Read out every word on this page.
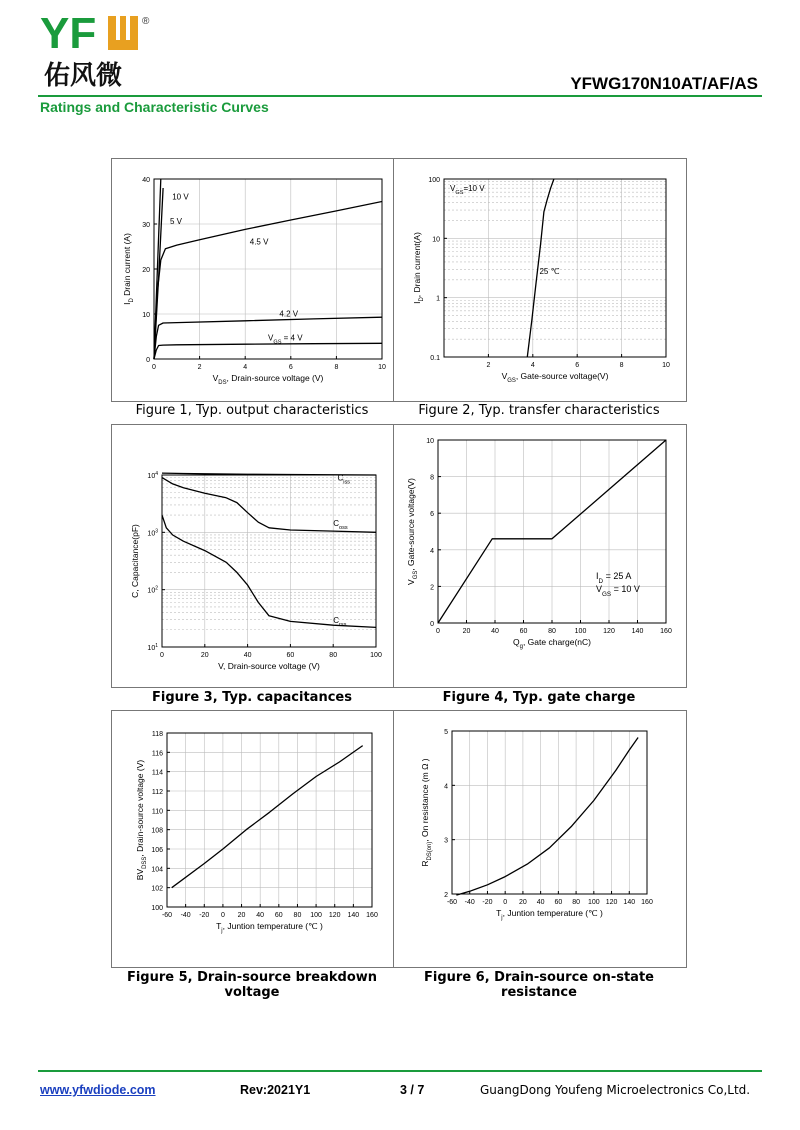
YF	®
佑风微	YFWG170N10AT/AF/AS
Ratings and Characteristic Curves
0	2	4	6	8	10
0
10
20
30
40
$V_{DS}$, Drain-source voltage (V)
$I_D$ Drain current (A)
10 V
5 V
4.5 V
4.2 V
$V_{GS} = 4$ V
2	4	6	8	10
0.1
1
10
100
$V_{GS}$, Gate-source voltage(V)
$I_D$, Drain current(A)	25 ℃
$V_{GS}=10$ V
Figure 1, Typ. output characteristics	Figure 2, Typ. transfer characteristics
0	20	40	60	80	100
$10^1$
$10^2$
$10^3$
$10^4$
V, Drain-source voltage (V)
C, Capacitance(pF)
$C_{iss}$
$C_{oss}$
$C_{rss}$
0	20	40	60	80	100 120 140 160
0
2
4
6
8
10
$Q_g$, Gate charge(nC)
$V_{GS}$, Gate-source voltage(V)
$I_D = 25$ A
$V_{GS} = 10$ V
Figure 3, Typ. capacitances	Figure 4, Typ. gate charge
-60 -40 -20 0 20 40 60 80 100 120 140 160
100
102
104
106
108
110
112
114
116
118
$T_j$, Juntion temperature (℃ )
$BV_{DSS}$, Drain-source voltage (V)
-60 -40 -20 0 20 40 60 80 100 120 140 160
2
3
4
5
$T_j$, Juntion temperature (℃ )
$R_{DS(on)}$, On resistance (m Ω )
Figure 5, Drain-source breakdown voltage
Figure 6, Drain-source on-state resistance
www.yfwdiode.com	Rev:2021Y1	3 / 7	GuangDong Youfeng Microelectronics Co,Ltd.
